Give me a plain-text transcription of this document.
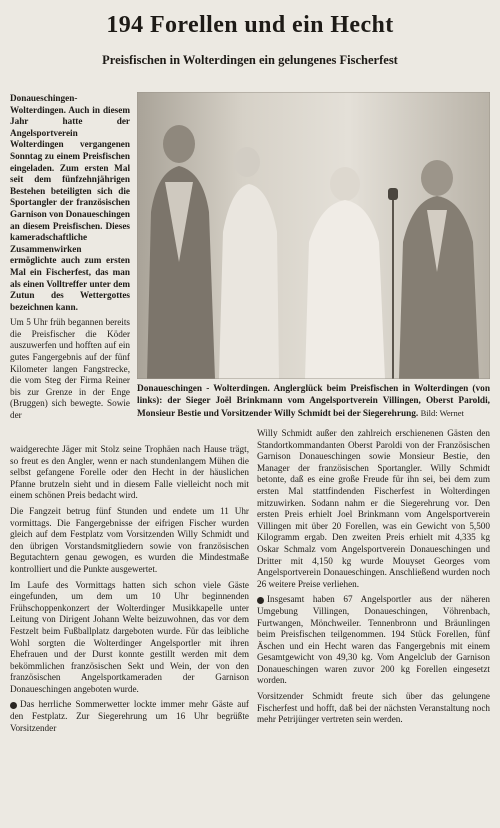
194 Forellen und ein Hecht
Preisfischen in Wolterdingen ein gelungenes Fischerfest

Donaueschingen-Wolterdingen. Auch in diesem Jahr hatte der Angelsportverein Wolterdingen vergangenen Sonntag zu einem Preisfischen eingeladen. Zum ersten Mal seit dem fünfzehnjährigen Bestehen beteiligten sich die Sportangler der französischen Garnison von Donaueschingen an diesem Preisfischen. Dieses kameradschaftliche Zusammenwirken ermöglichte auch zum ersten Mal ein Fischerfest, das man als einen Volltreffer unter dem Zutun des Wettergottes bezeichnen kann.

Um 5 Uhr früh begannen bereits die Preisfischer die Köder auszuwerfen und hofften auf ein gutes Fangergebnis auf der fünf Kilometer langen Fangstrecke, die vom Steg der Firma Reiner bis zur Grenze in der Enge (Bruggen) sich bewegte. Sowie der

Donaueschingen - Wolterdingen. Anglerglück beim Preisfischen in Wolterdingen (von links): der Sieger Joël Brinkmann vom Angelsportverein Villingen, Oberst Paroldi, Monsieur Bestie und Vorsitzender Willy Schmidt bei der Siegerehrung. Bild: Wernet

waidgerechte Jäger mit Stolz seine Trophäen nach Hause trägt, so freut es den Angler, wenn er nach stundenlangem Mühen die selbst gefangene Forelle oder den Hecht in der häuslichen Pfanne brutzeln sieht und in diesem Falle vielleicht noch mit einem schönen Preis bedacht wird.

Die Fangzeit betrug fünf Stunden und endete um 11 Uhr vormittags. Die Fangergebnisse der eifrigen Fischer wurden gleich auf dem Festplatz vom Vorsitzenden Willy Schmidt und den übrigen Vorstandsmitgliedern sowie von französischen Begutachtern genau gewogen, es wurden die Mindestmaße kontrolliert und die Punkte ausgewertet.

Im Laufe des Vormittags hatten sich schon viele Gäste eingefunden, um dem um 10 Uhr beginnenden Frühschoppenkonzert der Wolterdinger Musikkapelle unter Leitung von Dirigent Johann Welte beizuwohnen, das vor dem Festzelt beim Fußballplatz dargeboten wurde. Für das leibliche Wohl sorgten die Wolterdinger Angelsportler mit ihren Ehefrauen und der Durst konnte gestillt werden mit dem bekömmlichen französischen Sekt und Wein, der von den französischen Angelsportkameraden der Garnison Donaueschingen angeboten wurde.

Das herrliche Sommerwetter lockte immer mehr Gäste auf den Festplatz. Zur Siegerehrung um 16 Uhr begrüßte Vorsitzender

Willy Schmidt außer den zahlreich erschienenen Gästen den Standortkommandanten Oberst Paroldi von der Französischen Garnison Donaueschingen sowie Monsieur Bestie, den Manager der französischen Sportangler. Willy Schmidt betonte, daß es eine große Freude für ihn sei, bei dem zum ersten Mal stattfindenden Fischerfest in Wolterdingen mitzuwirken. Sodann nahm er die Siegerehrung vor. Den ersten Preis erhielt Joel Brinkmann vom Angelsportverein Villingen mit über 20 Forellen, was ein Gewicht von 5,500 Kilogramm ergab. Den zweiten Preis erhielt mit 4,335 kg Oskar Schmalz vom Angelsportverein Donaueschingen und Dritter mit 4,150 kg wurde Mouyset Georges vom Angelsportverein Donaueschingen. Anschließend wurden noch 26 weitere Preise verliehen.

Insgesamt haben 67 Angelsportler aus der näheren Umgebung Villingen, Donaueschingen, Vöhrenbach, Furtwangen, Mönchweiler. Tennenbronn und Bräunlingen beim Preisfischen teilgenommen. 194 Stück Forellen, fünf Äschen und ein Hecht waren das Fangergebnis mit einem Gesamtgewicht von 49,30 kg. Vom Angelclub der Garnison Donaueschingen waren zuvor 200 kg Forellen eingesetzt worden.

Vorsitzender Schmidt freute sich über das gelungene Fischerfest und hofft, daß bei der nächsten Veranstaltung noch mehr Petrijünger vertreten sein werden.
